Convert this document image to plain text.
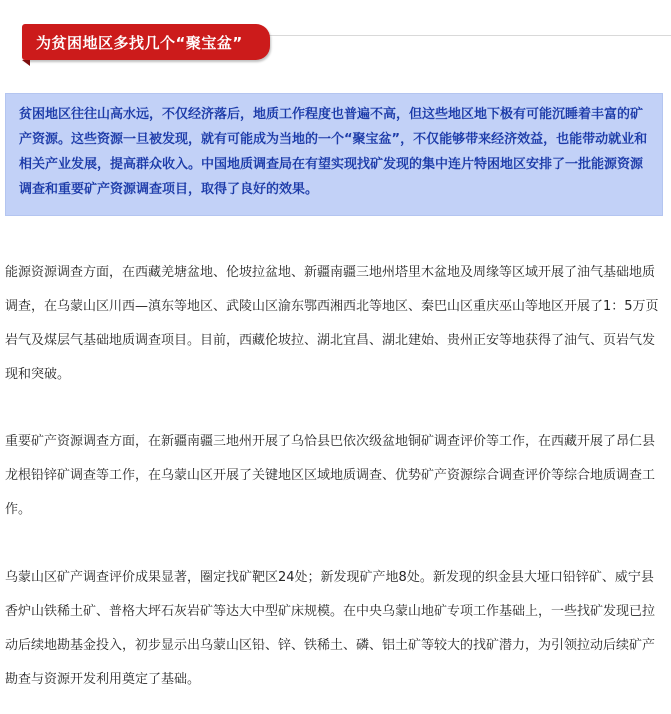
为贫困地区多找几个“聚宝盆”

贫困地区往往山高水远，不仅经济落后，地质工作程度也普遍不高，但这些地区地下极有可能沉睡着丰富的矿产资源。这些资源一旦被发现，就有可能成为当地的一个“聚宝盆”，不仅能够带来经济效益，也能带动就业和相关产业发展，提高群众收入。中国地质调查局在有望实现找矿发现的集中连片特困地区安排了一批能源资源调查和重要矿产资源调查项目，取得了良好的效果。

能源资源调查方面，在西藏羌塘盆地、伦坡拉盆地、新疆南疆三地州塔里木盆地及周缘等区域开展了油气基础地质调查，在乌蒙山区川西—滇东等地区、武陵山区渝东鄂西湘西北等地区、秦巴山区重庆巫山等地区开展了1：5万页岩气及煤层气基础地质调查项目。目前，西藏伦坡拉、湖北宜昌、湖北建始、贵州正安等地获得了油气、页岩气发现和突破。

重要矿产资源调查方面，在新疆南疆三地州开展了乌恰县巴依次级盆地铜矿调查评价等工作，在西藏开展了昂仁县龙根铅锌矿调查等工作，在乌蒙山区开展了关键地区区域地质调查、优势矿产资源综合调查评价等综合地质调查工作。

乌蒙山区矿产调查评价成果显著，圈定找矿靶区24处；新发现矿产地8处。新发现的织金县大垭口铅锌矿、威宁县香炉山铁稀土矿、普格大坪石灰岩矿等达大中型矿床规模。在中央乌蒙山地矿专项工作基础上，一些找矿发现已拉动后续地勘基金投入，初步显示出乌蒙山区铅、锌、铁稀土、磷、铝土矿等较大的找矿潜力，为引领拉动后续矿产勘查与资源开发利用奠定了基础。
